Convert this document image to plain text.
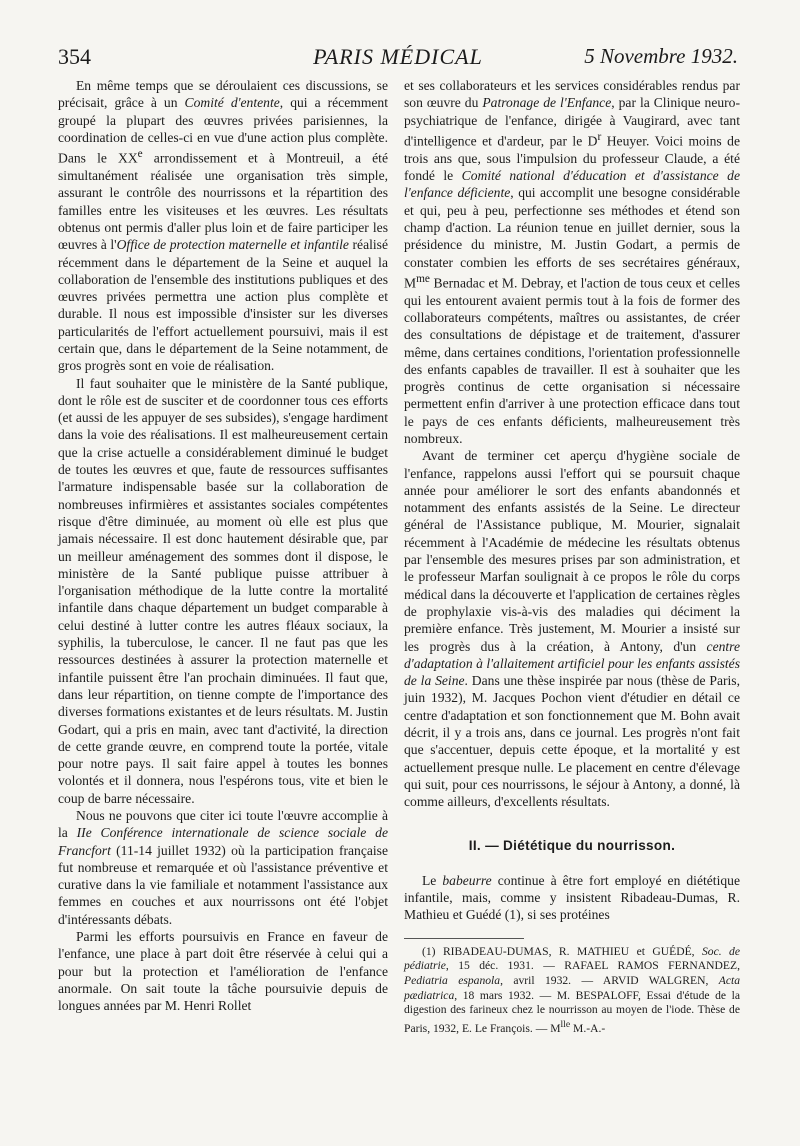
354	PARIS MÉDICAL	5 Novembre 1932.

En même temps que se déroulaient ces discussions, se précisait, grâce à un Comité d'entente, qui a récemment groupé la plupart des œuvres privées parisiennes, la coordination de celles-ci en vue d'une action plus complète. Dans le XXe arrondissement et à Montreuil, a été simultanément réalisée une organisation très simple, assurant le contrôle des nourrissons et la répartition des familles entre les visiteuses et les œuvres. Les résultats obtenus ont permis d'aller plus loin et de faire participer les œuvres à l'Office de protection maternelle et infantile réalisé récemment dans le département de la Seine et auquel la collaboration de l'ensemble des institutions publiques et des œuvres privées permettra une action plus complète et durable. Il nous est impossible d'insister sur les diverses particularités de l'effort actuellement poursuivi, mais il est certain que, dans le département de la Seine notamment, de gros progrès sont en voie de réalisation.

Il faut souhaiter que le ministère de la Santé publique, dont le rôle est de susciter et de coordonner tous ces efforts (et aussi de les appuyer de ses subsides), s'engage hardiment dans la voie des réalisations. Il est malheureusement certain que la crise actuelle a considérablement diminué le budget de toutes les œuvres et que, faute de ressources suffisantes l'armature indispensable basée sur la collaboration de nombreuses infirmières et assistantes sociales compétentes risque d'être diminuée, au moment où elle est plus que jamais nécessaire. Il est donc hautement désirable que, par un meilleur aménagement des sommes dont il dispose, le ministère de la Santé publique puisse attribuer à l'organisation méthodique de la lutte contre la mortalité infantile dans chaque département un budget comparable à celui destiné à lutter contre les autres fléaux sociaux, la syphilis, la tuberculose, le cancer. Il ne faut pas que les ressources destinées à assurer la protection maternelle et infantile puissent être l'an prochain diminuées. Il faut que, dans leur répartition, on tienne compte de l'importance des diverses formations existantes et de leurs résultats. M. Justin Godart, qui a pris en main, avec tant d'activité, la direction de cette grande œuvre, en comprend toute la portée, vitale pour notre pays. Il sait faire appel à toutes les bonnes volontés et il donnera, nous l'espérons tous, vite et bien le coup de barre nécessaire.

Nous ne pouvons que citer ici toute l'œuvre accomplie à la IIe Conférence internationale de science sociale de Francfort (11-14 juillet 1932) où la participation française fut nombreuse et remarquée et où l'assistance préventive et curative dans la vie familiale et notamment l'assistance aux femmes en couches et aux nourrissons ont été l'objet d'intéressants débats.

Parmi les efforts poursuivis en France en faveur de l'enfance, une place à part doit être réservée à celui qui a pour but la protection et l'amélioration de l'enfance anormale. On sait toute la tâche poursuivie depuis de longues années par M. Henri Rollet

et ses collaborateurs et les services considérables rendus par son œuvre du Patronage de l'Enfance, par la Clinique neuro-psychiatrique de l'enfance, dirigée à Vaugirard, avec tant d'intelligence et d'ardeur, par le $D^r$ Heuyer. Voici moins de trois ans que, sous l'impulsion du professeur Claude, a été fondé le Comité national d'éducation et d'assistance de l'enfance déficiente, qui accomplit une besogne considérable et qui, peu à peu, perfectionne ses méthodes et étend son champ d'action. La réunion tenue en juillet dernier, sous la présidence du ministre, M. Justin Godart, a permis de constater combien les efforts de ses secrétaires généraux, $M^{me}$ Bernadac et M. Debray, et l'action de tous ceux et celles qui les entourent avaient permis tout à la fois de former des collaborateurs compétents, maîtres ou assistantes, de créer des consultations de dépistage et de traitement, d'assurer même, dans certaines conditions, l'orientation professionnelle des enfants capables de travailler. Il est à souhaiter que les progrès continus de cette organisation si nécessaire permettent enfin d'arriver à une protection efficace dans tout le pays de ces enfants déficients, malheureusement très nombreux.

Avant de terminer cet aperçu d'hygiène sociale de l'enfance, rappelons aussi l'effort qui se poursuit chaque année pour améliorer le sort des enfants abandonnés et notamment des enfants assistés de la Seine. Le directeur général de l'Assistance publique, M. Mourier, signalait récemment à l'Académie de médecine les résultats obtenus par l'ensemble des mesures prises par son administration, et le professeur Marfan soulignait à ce propos le rôle du corps médical dans la découverte et l'application de certaines règles de prophylaxie vis-à-vis des maladies qui déciment la première enfance. Très justement, M. Mourier a insisté sur les progrès dus à la création, à Antony, d'un centre d'adaptation à l'allaitement artificiel pour les enfants assistés de la Seine. Dans une thèse inspirée par nous (thèse de Paris, juin 1932), M. Jacques Pochon vient d'étudier en détail ce centre d'adaptation et son fonctionnement que M. Bohn avait décrit, il y a trois ans, dans ce journal. Les progrès n'ont fait que s'accentuer, depuis cette époque, et la mortalité y est actuellement presque nulle. Le placement en centre d'élevage qui suit, pour ces nourrissons, le séjour à Antony, a donné, là comme ailleurs, d'excellents résultats.

II. — Diététique du nourrisson.

Le babeurre continue à être fort employé en diététique infantile, mais, comme y insistent Ribadeau-Dumas, R. Mathieu et Guédé (1), si ses protéines

(1) RIBADEAU-DUMAS, R. MATHIEU et GUÉDÉ, Soc. de pédiatrie, 15 déc. 1931. — RAFAEL RAMOS FERNANDEZ, Pediatria espanola, avril 1932. — ARVID WALGREN, Acta pædiatrica, 18 mars 1932. — M. BESPALOFF, Essai d'étude de la digestion des farineux chez le nourrisson au moyen de l'iode. Thèse de Paris, 1932, E. Le François. — $M^{lle}$ M.-A.-
